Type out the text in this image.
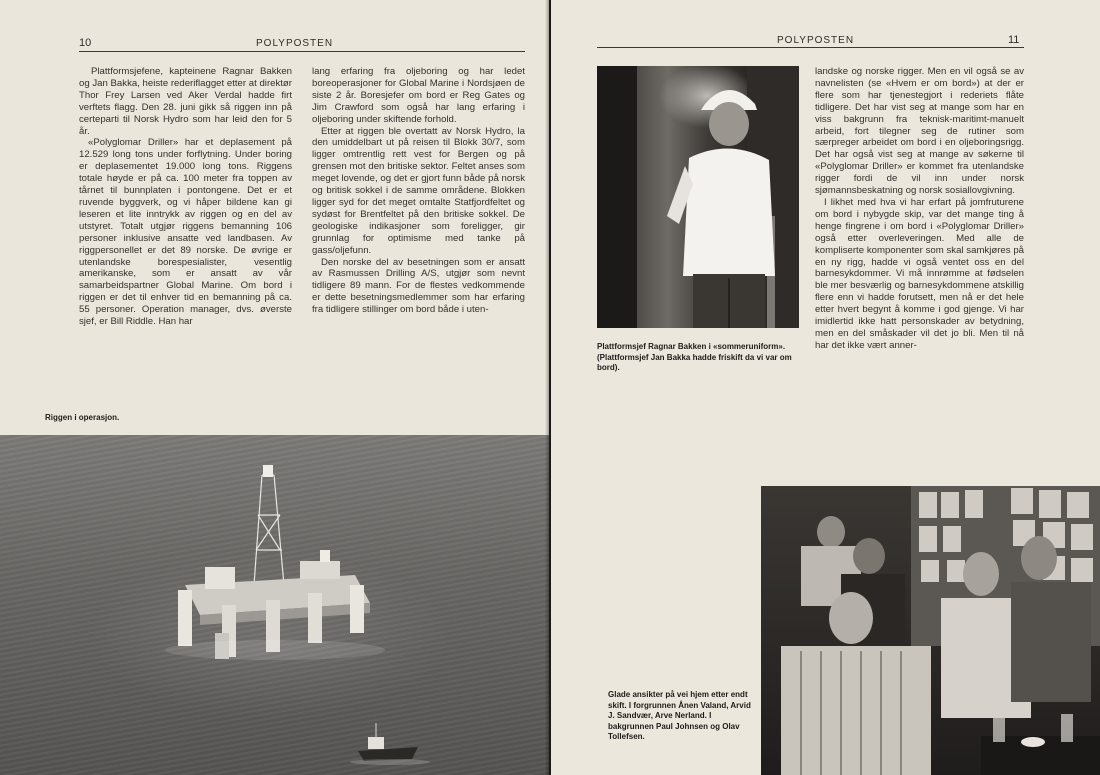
10	POLYPOSTEN

Plattformsjefene, kapteinene Ragnar Bakken og Jan Bakka, heiste rederiflagget etter at direktør Thor Frey Larsen ved Aker Verdal hadde firt verftets flagg. Den 28. juni gikk så riggen inn på certeparti til Norsk Hydro som har leid den for 5 år.

«Polyglomar Driller» har et deplasement på 12.529 long tons under forflytning. Under boring er deplasementet 19.000 long tons. Riggens totale høyde er på ca. 100 meter fra toppen av tårnet til bunnplaten i pontongene. Det er et ruvende byggverk, og vi håper bildene kan gi leseren et lite inntrykk av riggen og en del av utstyret. Totalt utgjør riggens bemanning 106 personer inklusive ansatte ved landbasen. Av riggpersonellet er det 89 norske. De øvrige er utenlandske borespesialister, vesentlig amerikanske, som er ansatt av vår samarbeidspartner Global Marine. Om bord i riggen er det til enhver tid en bemanning på ca. 55 personer. Operation manager, dvs. øverste sjef, er Bill Riddle. Han har

lang erfaring fra oljeboring og har ledet boreoperasjoner for Global Marine i Nordsjøen de siste 2 år. Boresjefer om bord er Reg Gates og Jim Crawford som også har lang erfaring i oljeboring under skiftende forhold.

Etter at riggen ble overtatt av Norsk Hydro, la den umiddelbart ut på reisen til Blokk 30/7, som ligger omtrentlig rett vest for Bergen og på grensen mot den britiske sektor. Feltet anses som meget lovende, og det er gjort funn både på norsk og britisk sokkel i de samme områdene. Blokken ligger syd for det meget omtalte Statfjordfeltet og sydøst for Brentfeltet på den britiske sokkel. De geologiske indikasjoner som foreligger, gir grunnlag for optimisme med tanke på gass/oljefunn.

Den norske del av besetningen som er ansatt av Rasmussen Drilling A/S, utgjør som nevnt tidligere 89 mann. For de flestes vedkommende er dette besetningsmedlemmer som har erfaring fra tidligere stillinger om bord både i uten-

Riggen i operasjon.
POLYPOSTEN	11
Plattformsjef Ragnar Bakken i «sommeruniform». (Plattformsjef Jan Bakka hadde friskift da vi var om bord).

landske og norske rigger. Men en vil også se av navnelisten (se «Hvem er om bord») at der er flere som har tjenestegjort i rederiets flåte tidligere. Det har vist seg at mange som har en viss bakgrunn fra teknisk-maritimt-manuelt arbeid, fort tilegner seg de rutiner som særpreger arbeidet om bord i en oljeboringsrigg. Det har også vist seg at mange av søkerne til «Polyglomar Driller» er kommet fra utenlandske rigger fordi de vil inn under norsk sjømannsbeskatning og norsk sosiallovgivning.

I likhet med hva vi har erfart på jomfruturene om bord i nybygde skip, var det mange ting å henge fingrene i om bord i «Polyglomar Driller» også etter overleveringen. Med alle de kompliserte komponenter som skal samkjøres på en ny rigg, hadde vi også ventet oss en del barnesykdommer. Vi må innrømme at fødselen ble mer besværlig og barnesykdommene atskillig flere enn vi hadde forutsett, men nå er det hele etter hvert begynt å komme i god gjenge. Vi har imidlertid ikke hatt personskader av betydning, men en del småskader vil det jo bli. Men til nå har det ikke vært anner-

Glade ansikter på vei hjem etter endt skift. I forgrunnen Ånen Valand, Arvid J. Sandvær, Arve Nerland. I bakgrunnen Paul Johnsen og Olav Tollefsen.
